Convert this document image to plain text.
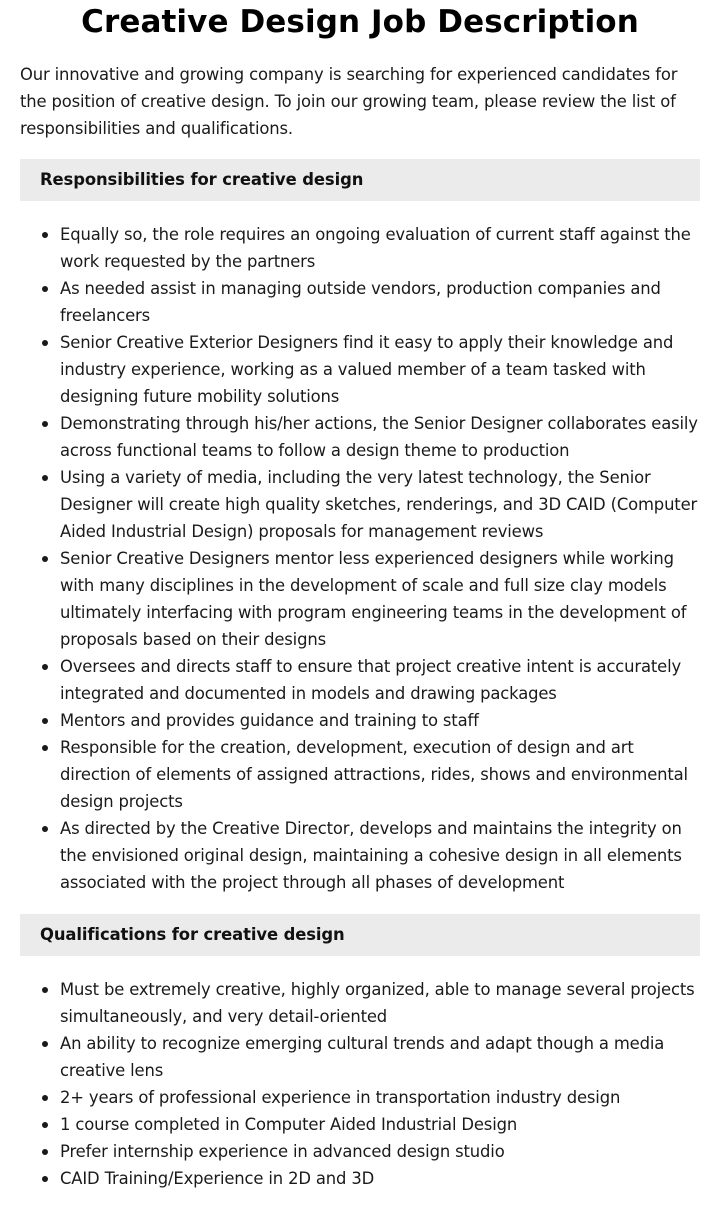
Creative Design Job Description

Our innovative and growing company is searching for experienced candidates for the position of creative design. To join our growing team, please review the list of responsibilities and qualifications.

Responsibilities for creative design
Equally so, the role requires an ongoing evaluation of current staff against the work requested by the partners
As needed assist in managing outside vendors, production companies and freelancers
Senior Creative Exterior Designers find it easy to apply their knowledge and industry experience, working as a valued member of a team tasked with designing future mobility solutions
Demonstrating through his/her actions, the Senior Designer collaborates easily across functional teams to follow a design theme to production
Using a variety of media, including the very latest technology, the Senior Designer will create high quality sketches, renderings, and 3D CAID (Computer Aided Industrial Design) proposals for management reviews
Senior Creative Designers mentor less experienced designers while working with many disciplines in the development of scale and full size clay models ultimately interfacing with program engineering teams in the development of proposals based on their designs
Oversees and directs staff to ensure that project creative intent is accurately integrated and documented in models and drawing packages
Mentors and provides guidance and training to staff
Responsible for the creation, development, execution of design and art direction of elements of assigned attractions, rides, shows and environmental design projects
As directed by the Creative Director, develops and maintains the integrity on the envisioned original design, maintaining a cohesive design in all elements associated with the project through all phases of development
Qualifications for creative design
Must be extremely creative, highly organized, able to manage several projects simultaneously, and very detail-oriented
An ability to recognize emerging cultural trends and adapt though a media creative lens
2+ years of professional experience in transportation industry design
1 course completed in Computer Aided Industrial Design
Prefer internship experience in advanced design studio
CAID Training/Experience in 2D and 3D
